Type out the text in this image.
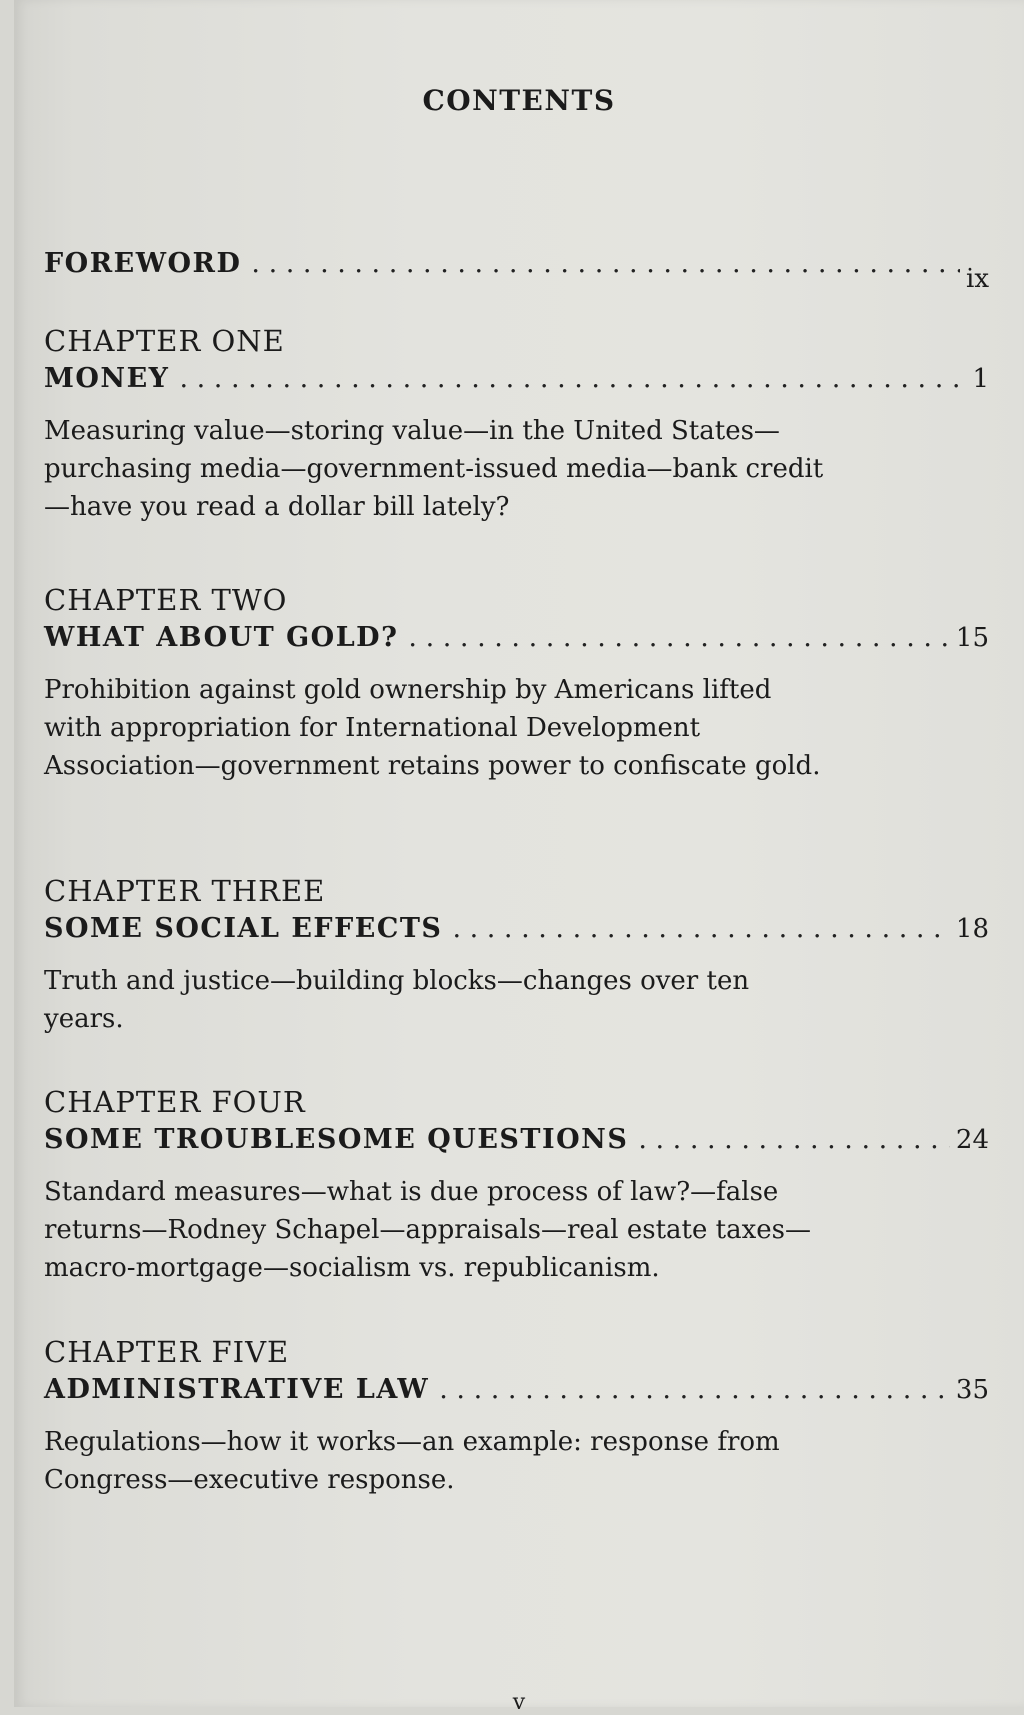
CONTENTS
FOREWORD . . .	ix
CHAPTER ONE
MONEY . . .	1
Measuring value—storing value—in the United States—purchasing media—government-issued media—bank credit—have you read a dollar bill lately?
CHAPTER TWO
WHAT ABOUT GOLD? . . .	15
Prohibition against gold ownership by Americans lifted with appropriation for International Development Association—government retains power to confiscate gold.
CHAPTER THREE
SOME SOCIAL EFFECTS . . .	18
Truth and justice—building blocks—changes over ten years.
CHAPTER FOUR
SOME TROUBLESOME QUESTIONS . . .	24
Standard measures—what is due process of law?—false returns—Rodney Schapel—appraisals—real estate taxes—macro-mortgage—socialism vs. republicanism.
CHAPTER FIVE
ADMINISTRATIVE LAW . . .	35
Regulations—how it works—an example: response from Congress—executive response.
v
